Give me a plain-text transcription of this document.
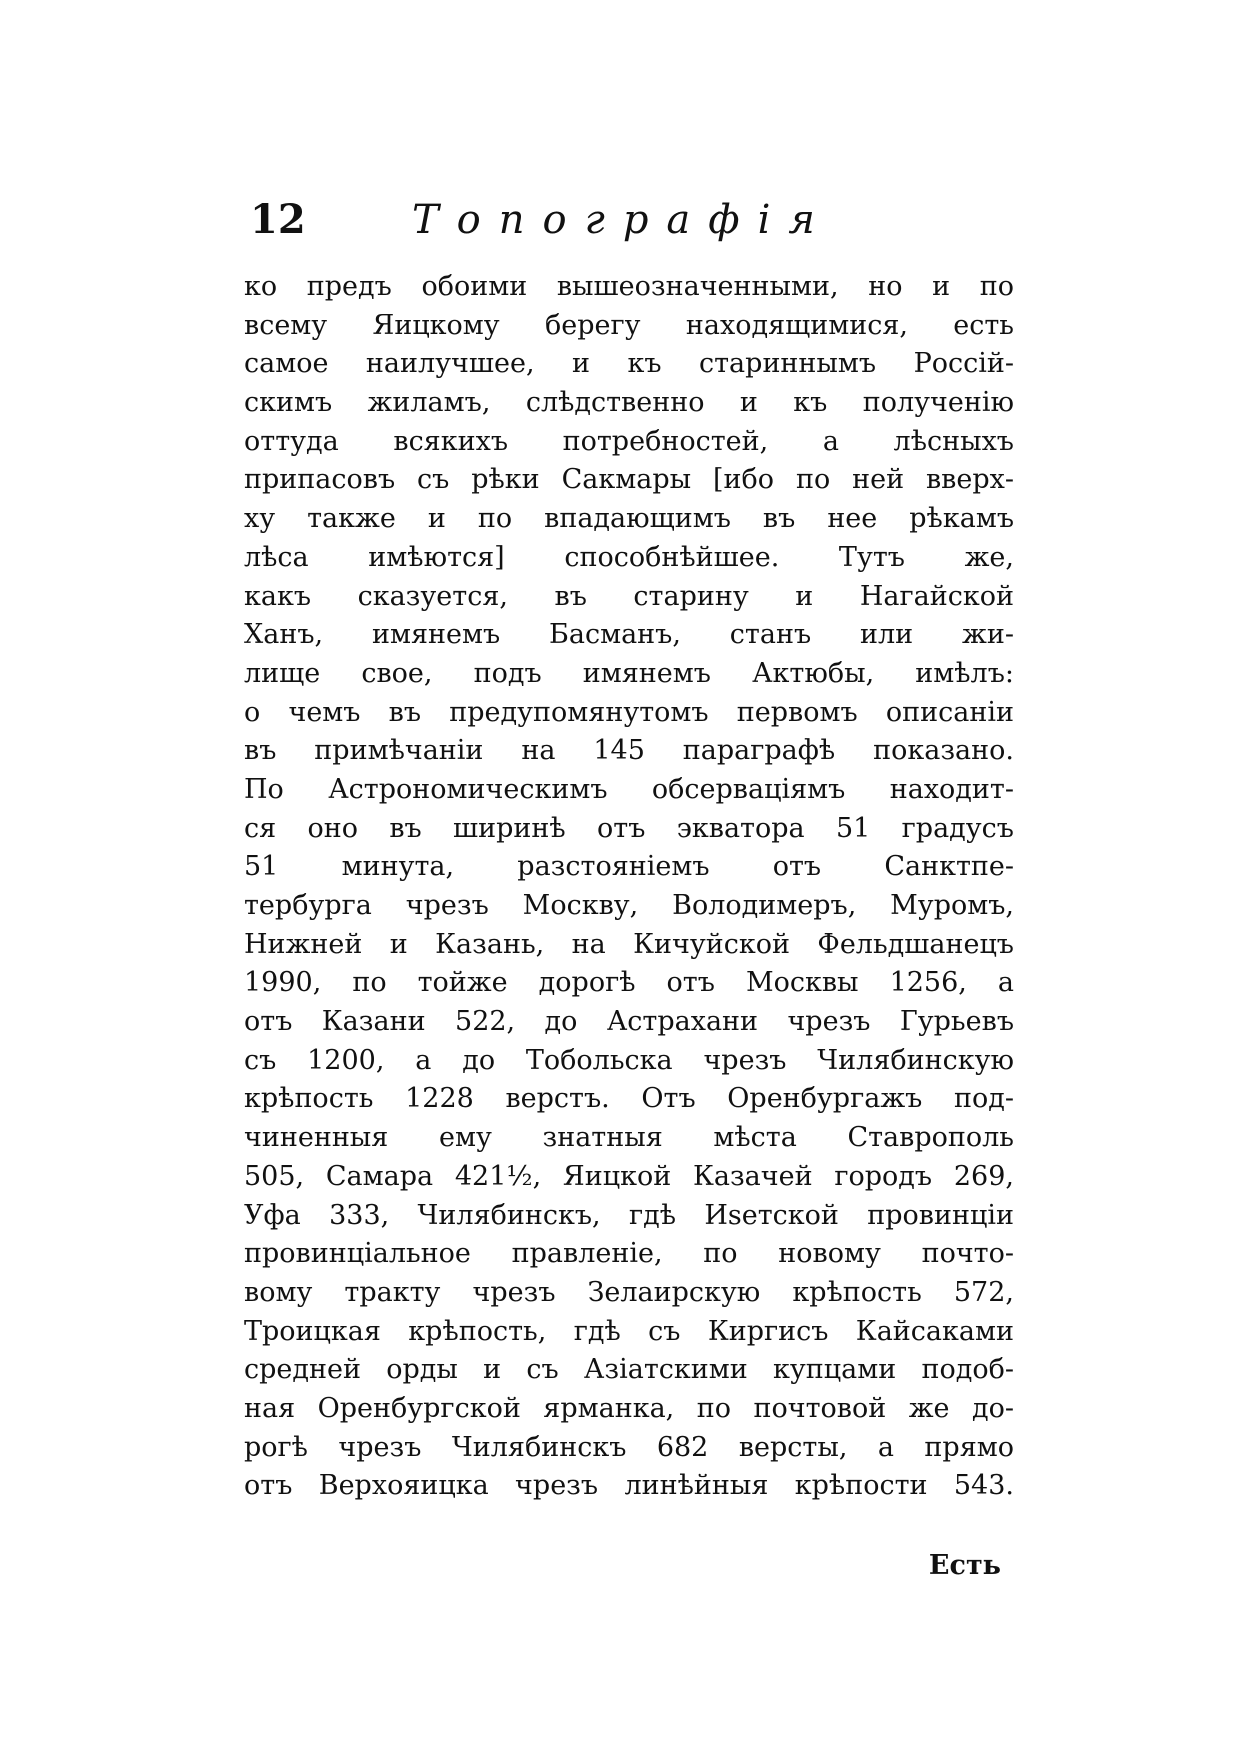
12	Топографія
ко предъ обоими вышеозначенными, но и по
всему Яицкому берегу находящимися, есть
самое наилучшее, и къ стариннымъ Россій-
скимъ жиламъ, слѣдственно и къ полученію
оттуда всякихъ потребностей, а лѣсныхъ
припасовъ съ рѣки Сакмары [ибо по ней вверх-
ху также и по впадающимъ въ нее рѣкамъ
лѣса имѣются] способнѣйшее. Тутъ же,
какъ сказуется, въ старину и Нагайской
Ханъ, имянемъ Басманъ, станъ или жи-
лище свое, подъ имянемъ Актюбы, имѣлъ:
о чемъ въ предупомянутомъ первомъ описаніи
въ примѣчаніи на 145 параграфѣ показано.
По Астрономическимъ обсерваціямъ находит-
ся оно въ ширинѣ отъ экватора 51 градусъ
51 минута, разстояніемъ отъ Санктпе-
тербурга чрезъ Москву, Володимеръ, Муромъ,
Нижней и Казань, на Кичуйской Фельдшанецъ
1990, по тойже дорогѣ отъ Москвы 1256, а
отъ Казани 522, до Астрахани чрезъ Гурьевъ
съ 1200, а до Тобольска чрезъ Чилябинскую
крѣпость 1228 верстъ. Отъ Оренбургажъ под-
чиненныя ему знатныя мѣста Ставрополь
505, Самара 421½, Яицкой Казачей городъ 269,
Уфа 333, Чилябинскъ, гдѣ Иsетской провинціи
провинціальное правленіе, по новому почто-
вому тракту чрезъ Зелаирскую крѣпость 572,
Троицкая крѣпость, гдѣ съ Киргисъ Кайсаками
средней орды и съ Азіатскими купцами подоб-
ная Оренбургской ярманка, по почтовой же до-
рогѣ чрезъ Чилябинскъ 682 версты, а прямо
отъ Верхояицка чрезъ линѣйныя крѣпости 543.
Есть
